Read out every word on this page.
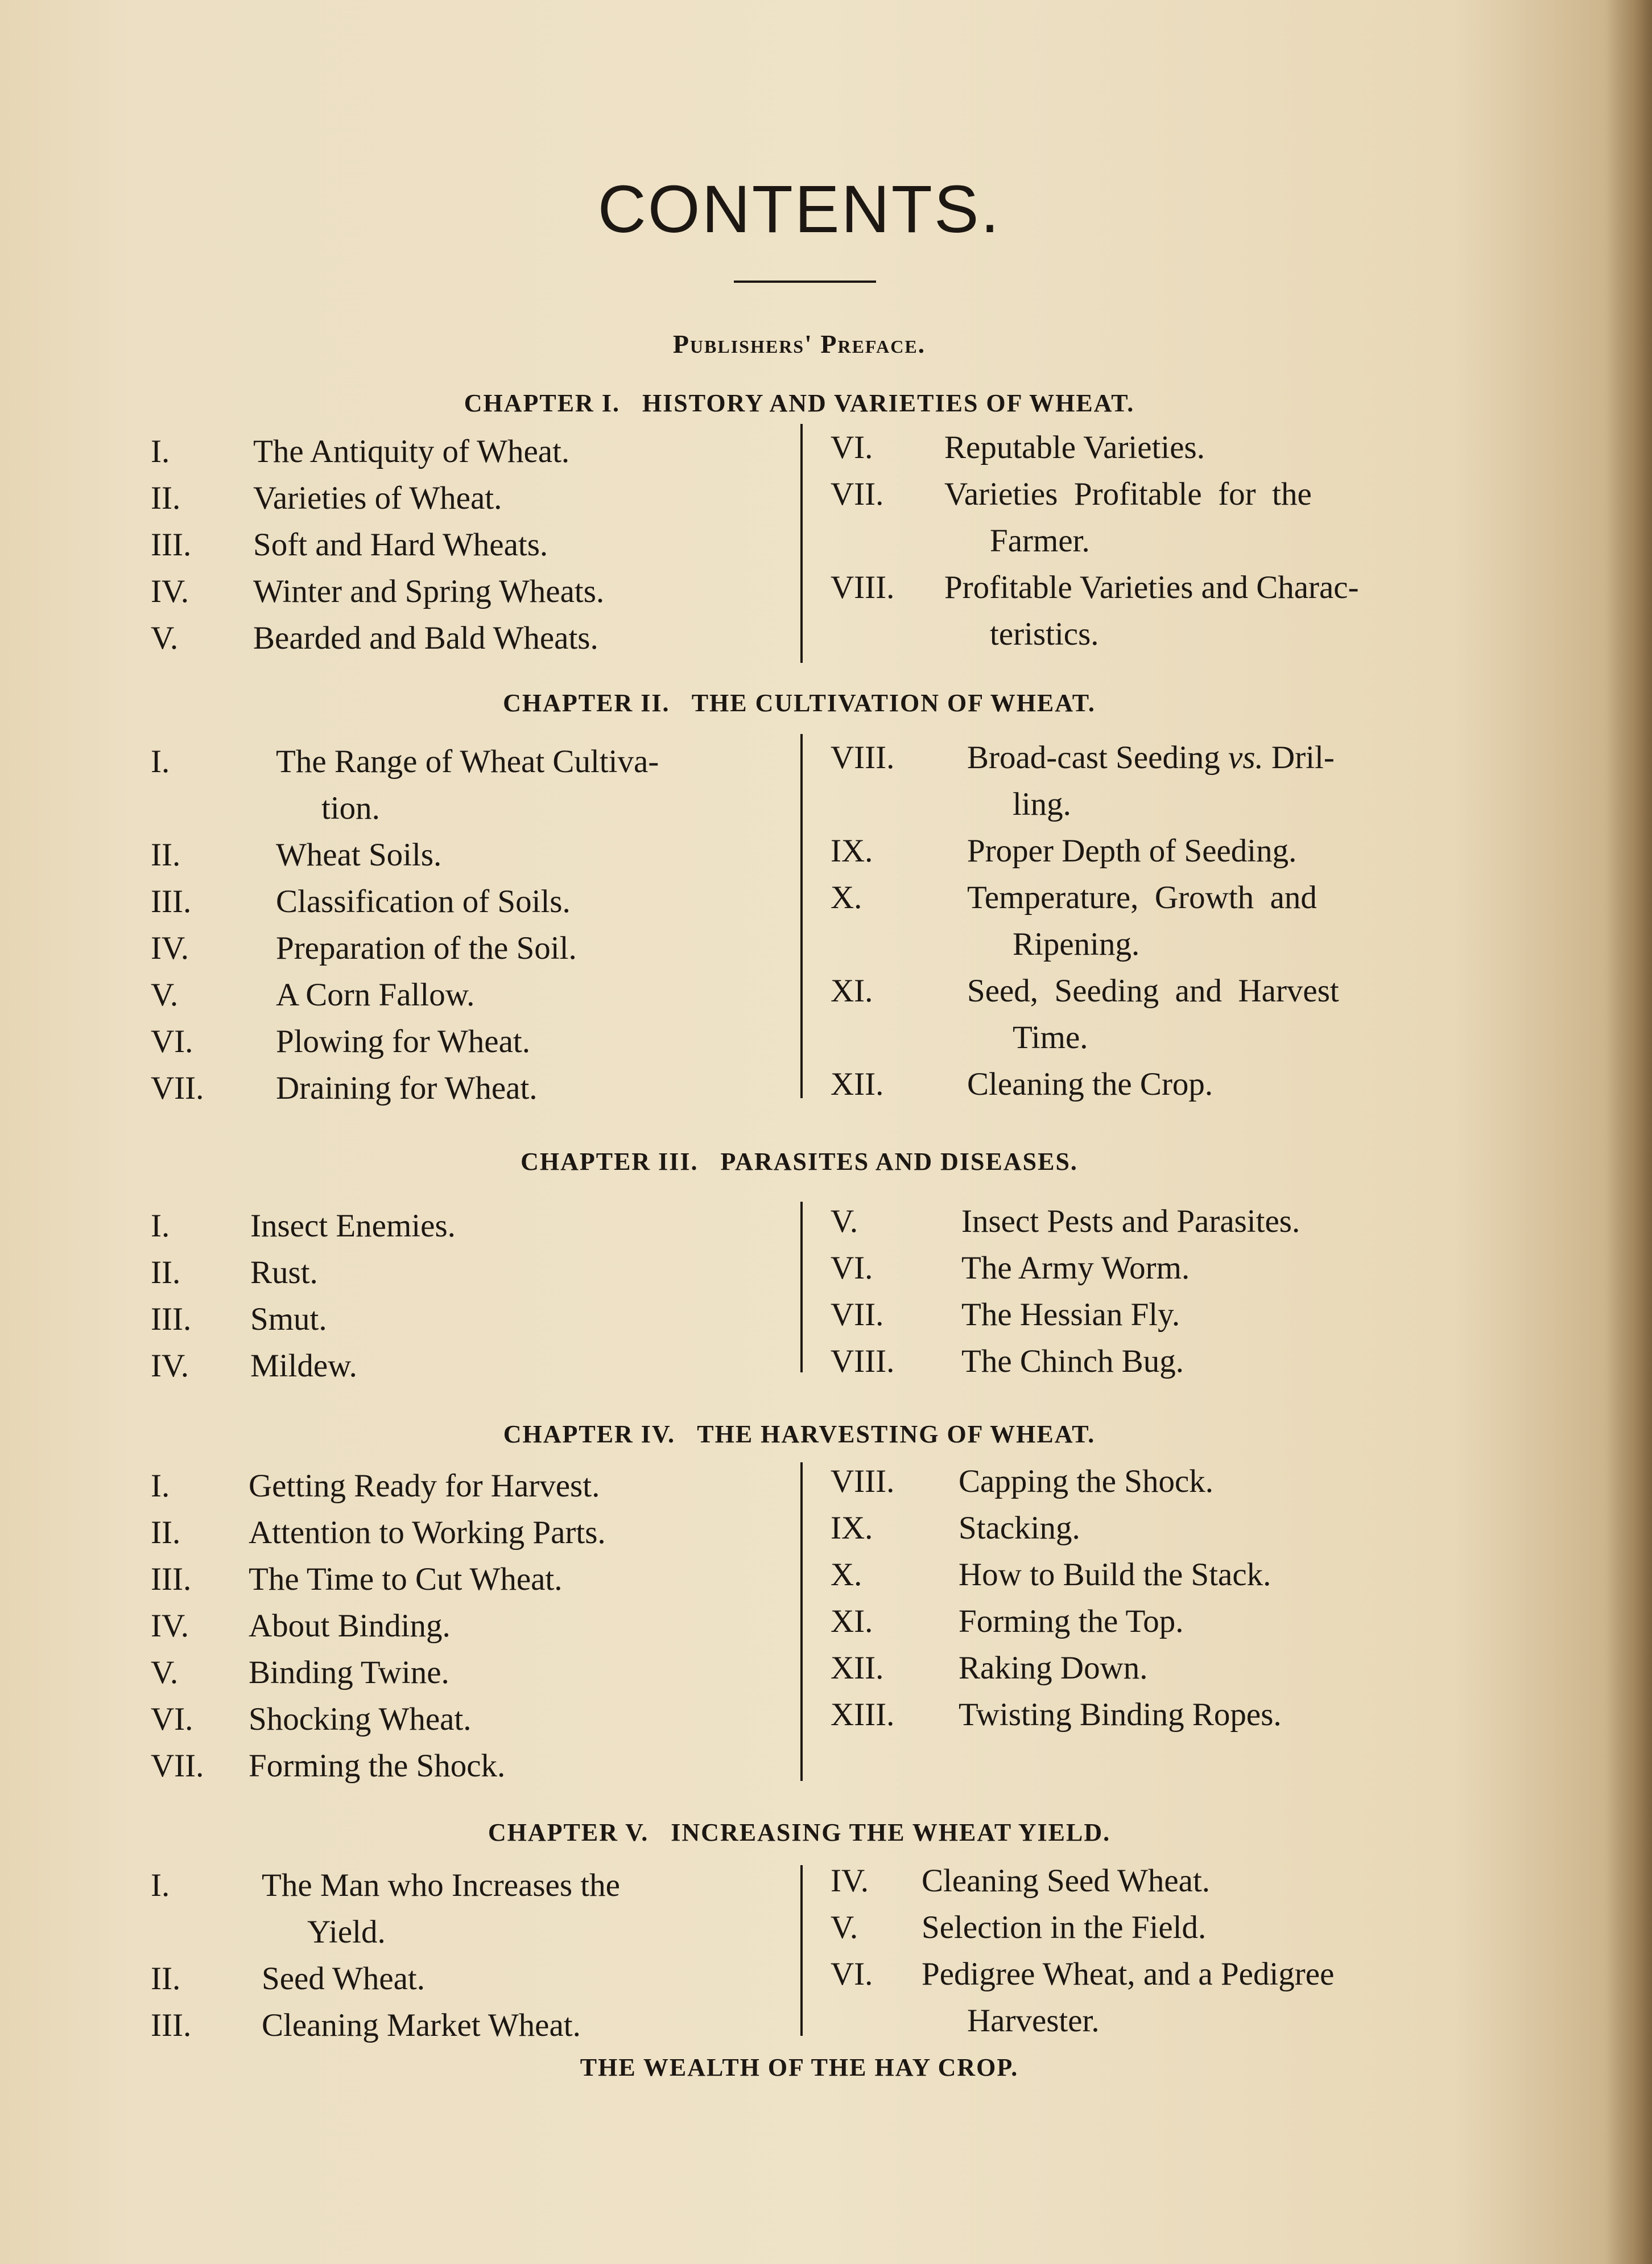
CONTENTS.
Publishers' Preface.
CHAPTER I.   HISTORY AND VARIETIES OF WHEAT.
I.	The Antiquity of Wheat.
II. Varieties of Wheat.
III. Soft and Hard Wheats.
IV. Winter and Spring Wheats.
V. Bearded and Bald Wheats.
VI. Reputable Varieties.
VII. Varieties  Profitable  for  the
Farmer.
VIII. Profitable Varieties and Charac-
teristics.
CHAPTER II.   THE CULTIVATION OF WHEAT.
I.	The Range of Wheat Cultiva-
tion.
II.	Wheat Soils.
III.	Classification of Soils.
IV.	Preparation of the Soil.
V.	A Corn Fallow.
VI.	Plowing for Wheat.
VII. Draining for Wheat.
VIII. Broad-cast Seeding vs. Dril-
ling.
IX.	Proper Depth of Seeding.
X.	Temperature,  Growth  and
Ripening.
XI.	Seed,  Seeding  and  Harvest
Time.
XII.	Cleaning the Crop.
CHAPTER III.   PARASITES AND DISEASES.
I. Insect Enemies.
II. Rust.
III. Smut.
IV. Mildew.
V.	Insect Pests and Parasites.
VI.	The Army Worm.
VII. The Hessian Fly.
VIII. The Chinch Bug.
CHAPTER IV.   THE HARVESTING OF WHEAT.
I. Getting Ready for Harvest.
II. Attention to Working Parts.
III. The Time to Cut Wheat.
IV. About Binding.
V. Binding Twine.
VI. Shocking Wheat.
VII. Forming the Shock.
VIII. Capping the Shock.
IX.	Stacking.
X.	How to Build the Stack.
XI.	Forming the Top.
XII. Raking Down.
XIII. Twisting Binding Ropes.
CHAPTER V.   INCREASING THE WHEAT YIELD.
I.	The Man who Increases the
Yield.
II.	Seed Wheat.
III. Cleaning Market Wheat.
IV. Cleaning Seed Wheat.
V. Selection in the Field.
VI. Pedigree Wheat, and a Pedigree
Harvester.
THE WEALTH OF THE HAY CROP.
